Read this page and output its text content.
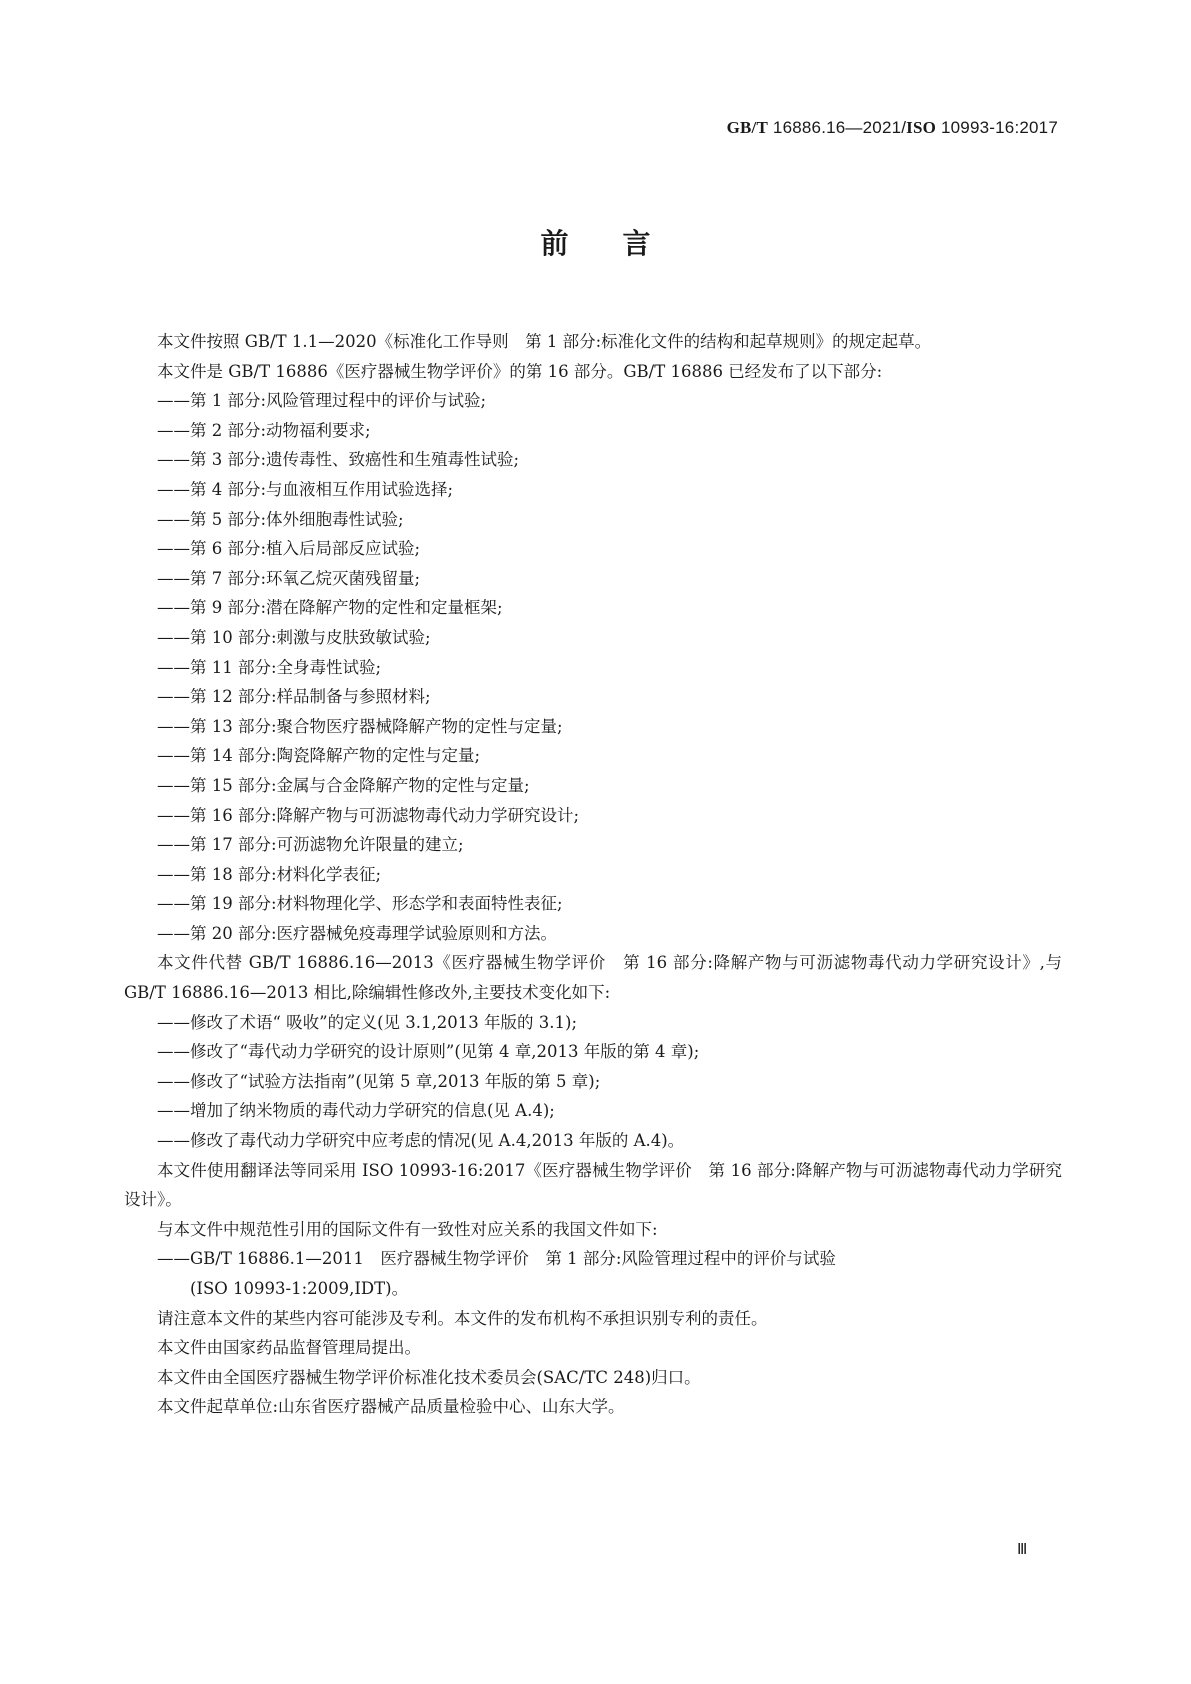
GB/T 16886.16—2021/ISO 10993-16:2017
前言

本文件按照 GB/T 1.1—2020《标准化工作导则　第 1 部分:标准化文件的结构和起草规则》的规定起草。

本文件是 GB/T 16886《医疗器械生物学评价》的第 16 部分。GB/T 16886 已经发布了以下部分:

——第 1 部分:风险管理过程中的评价与试验;

——第 2 部分:动物福利要求;

——第 3 部分:遗传毒性、致癌性和生殖毒性试验;

——第 4 部分:与血液相互作用试验选择;

——第 5 部分:体外细胞毒性试验;

——第 6 部分:植入后局部反应试验;

——第 7 部分:环氧乙烷灭菌残留量;

——第 9 部分:潜在降解产物的定性和定量框架;

——第 10 部分:刺激与皮肤致敏试验;

——第 11 部分:全身毒性试验;

——第 12 部分:样品制备与参照材料;

——第 13 部分:聚合物医疗器械降解产物的定性与定量;

——第 14 部分:陶瓷降解产物的定性与定量;

——第 15 部分:金属与合金降解产物的定性与定量;

——第 16 部分:降解产物与可沥滤物毒代动力学研究设计;

——第 17 部分:可沥滤物允许限量的建立;

——第 18 部分:材料化学表征;

——第 19 部分:材料物理化学、形态学和表面特性表征;

——第 20 部分:医疗器械免疫毒理学试验原则和方法。

本文件代替 GB/T 16886.16—2013《医疗器械生物学评价　第 16 部分:降解产物与可沥滤物毒代动力学研究设计》,与 GB/T 16886.16—2013 相比,除编辑性修改外,主要技术变化如下:

——修改了术语“ 吸收”的定义(见 3.1,2013 年版的 3.1);

——修改了“毒代动力学研究的设计原则”(见第 4 章,2013 年版的第 4 章);

——修改了“试验方法指南”(见第 5 章,2013 年版的第 5 章);

——增加了纳米物质的毒代动力学研究的信息(见 A.4);

——修改了毒代动力学研究中应考虑的情况(见 A.4,2013 年版的 A.4)。

本文件使用翻译法等同采用 ISO 10993-16:2017《医疗器械生物学评价　第 16 部分:降解产物与可沥滤物毒代动力学研究设计》。

与本文件中规范性引用的国际文件有一致性对应关系的我国文件如下:

——GB/T 16886.1—2011　医疗器械生物学评价　第 1 部分:风险管理过程中的评价与试验
(ISO 10993-1:2009,IDT)。

请注意本文件的某些内容可能涉及专利。本文件的发布机构不承担识别专利的责任。

本文件由国家药品监督管理局提出。

本文件由全国医疗器械生物学评价标准化技术委员会(SAC/TC 248)归口。

本文件起草单位:山东省医疗器械产品质量检验中心、山东大学。

Ⅲ
